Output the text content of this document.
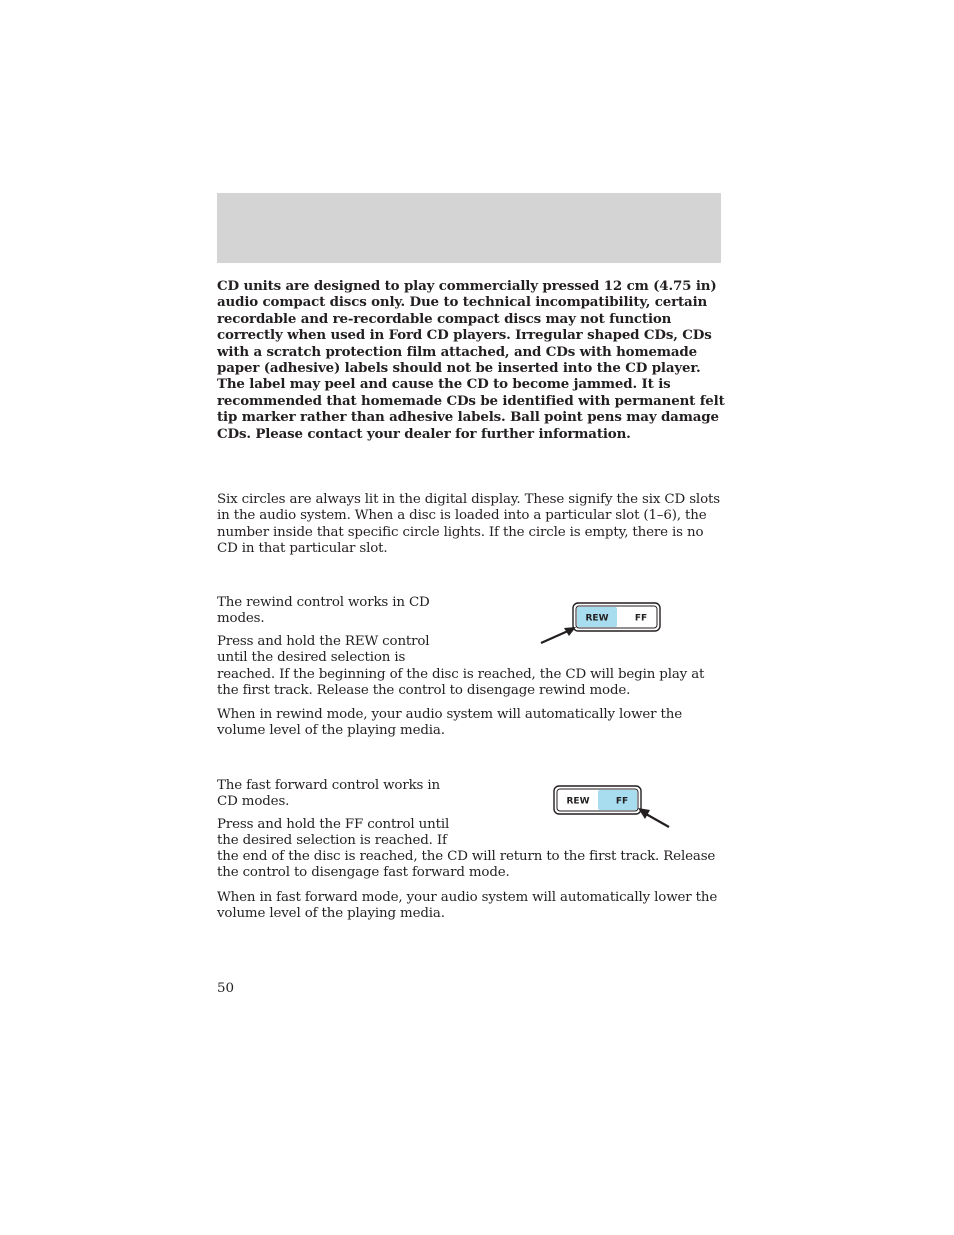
CD units are designed to play commercially pressed 12 cm (4.75 in) audio compact discs only. Due to technical incompatibility, certain recordable and re-recordable compact discs may not function correctly when used in Ford CD players. Irregular shaped CDs, CDs with a scratch protection film attached, and CDs with homemade paper (adhesive) labels should not be inserted into the CD player. The label may peel and cause the CD to become jammed. It is recommended that homemade CDs be identified with permanent felt tip marker rather than adhesive labels. Ball point pens may damage CDs. Please contact your dealer for further information.

Six circles are always lit in the digital display. These signify the six CD slots in the audio system. When a disc is loaded into a particular slot (1–6), the number inside that specific circle lights. If the circle is empty, there is no CD in that particular slot.

The rewind control works in CD modes.

Press and hold the REW control until the desired selection is

reached. If the beginning of the disc is reached, the CD will begin play at the first track. Release the control to disengage rewind mode.

When in rewind mode, your audio system will automatically lower the volume level of the playing media.

REW	FF

The fast forward control works in CD modes.

Press and hold the FF control until the desired selection is reached. If

the end of the disc is reached, the CD will return to the first track. Release the control to disengage fast forward mode.

When in fast forward mode, your audio system will automatically lower the volume level of the playing media.

REW	FF

50
